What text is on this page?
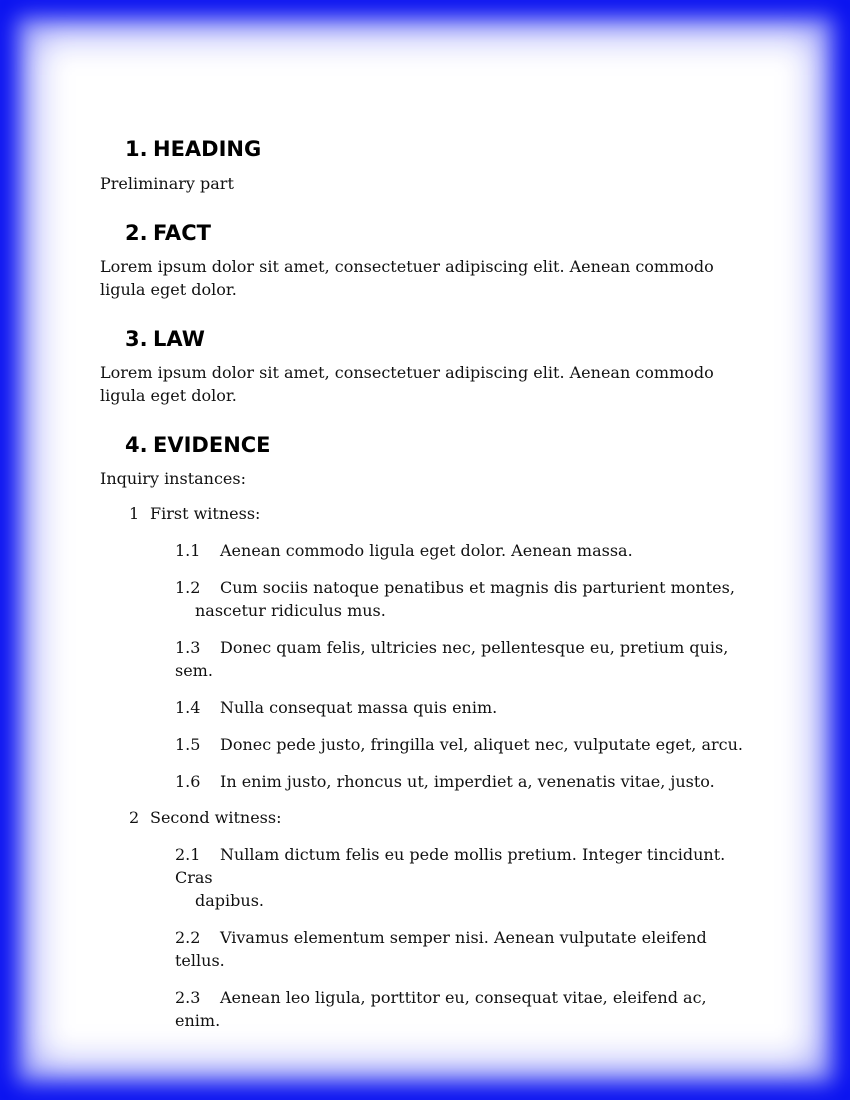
1. HEADING

Preliminary part

2. FACT

Lorem ipsum dolor sit amet, consectetuer adipiscing elit. Aenean commodo ligula eget dolor.

3. LAW

Lorem ipsum dolor sit amet, consectetuer adipiscing elit. Aenean commodo ligula eget dolor.

4. EVIDENCE

Inquiry instances:

1 First witness:
1.1 Aenean commodo ligula eget dolor. Aenean massa.
1.2 Cum sociis natoque penatibus et magnis dis parturient montes,
nascetur ridiculus mus.
1.3 Donec quam felis, ultricies nec, pellentesque eu, pretium quis, sem.
1.4 Nulla consequat massa quis enim.
1.5 Donec pede justo, fringilla vel, aliquet nec, vulputate eget, arcu.
1.6 In enim justo, rhoncus ut, imperdiet a, venenatis vitae, justo.
2 Second witness:
2.1 Nullam dictum felis eu pede mollis pretium. Integer tincidunt. Cras
dapibus.
2.2 Vivamus elementum semper nisi. Aenean vulputate eleifend tellus.
2.3 Aenean leo ligula, porttitor eu, consequat vitae, eleifend ac, enim.
